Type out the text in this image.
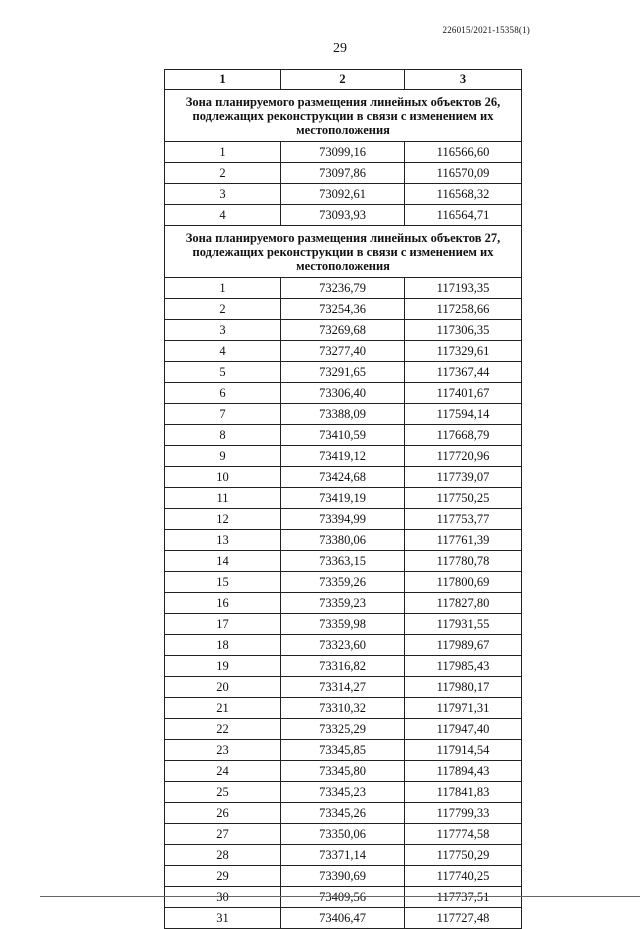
226015/2021-15358(1)
29
1	2	3
Зона планируемого размещения линейных объектов 26, подлежащих реконструкции в связи с изменением их местоположения		
1	73099,16	116566,60
2	73097,86	116570,09
3	73092,61	116568,32
4	73093,93	116564,71
Зона планируемого размещения линейных объектов 27, подлежащих реконструкции в связи с изменением их местоположения		
1	73236,79	117193,35
2	73254,36	117258,66
3	73269,68	117306,35
4	73277,40	117329,61
5	73291,65	117367,44
6	73306,40	117401,67
7	73388,09	117594,14
8	73410,59	117668,79
9	73419,12	117720,96
10	73424,68	117739,07
11	73419,19	117750,25
12	73394,99	117753,77
13	73380,06	117761,39
14	73363,15	117780,78
15	73359,26	117800,69
16	73359,23	117827,80
17	73359,98	117931,55
18	73323,60	117989,67
19	73316,82	117985,43
20	73314,27	117980,17
21	73310,32	117971,31
22	73325,29	117947,40
23	73345,85	117914,54
24	73345,80	117894,43
25	73345,23	117841,83
26	73345,26	117799,33
27	73350,06	117774,58
28	73371,14	117750,29
29	73390,69	117740,25
30	73409,56	117737,51
31	73406,47	117727,48
